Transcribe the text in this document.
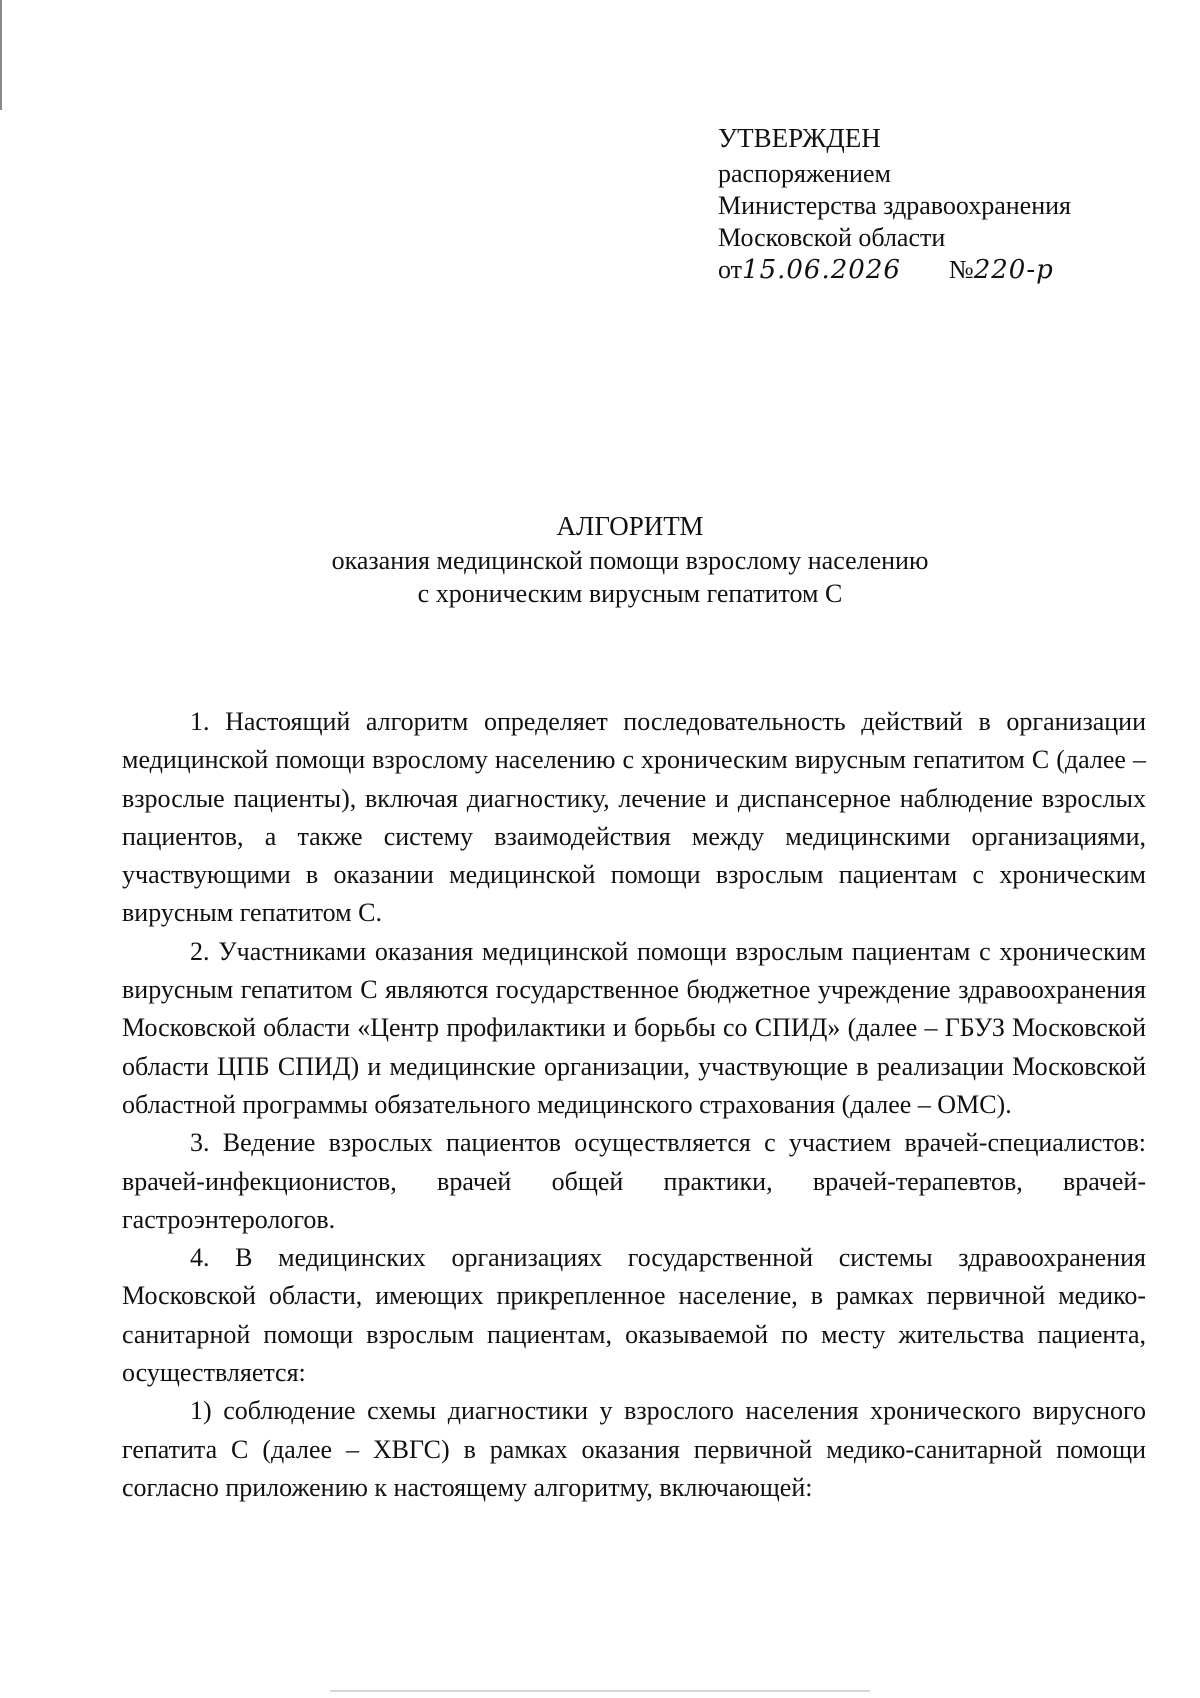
УТВЕРЖДЕН
распоряжением
Министерства здравоохранения
Московской области
от 15.06.2026 № 220-р
АЛГОРИТМ
оказания медицинской помощи взрослому населению
с хроническим вирусным гепатитом С

1. Настоящий алгоритм определяет последовательность действий в организации медицинской помощи взрослому населению с хроническим вирусным гепатитом С (далее – взрослые пациенты), включая диагностику, лечение и диспансерное наблюдение взрослых пациентов, а также систему взаимодействия между медицинскими организациями, участвующими в оказании медицинской помощи взрослым пациентам с хроническим вирусным гепатитом С.

2. Участниками оказания медицинской помощи взрослым пациентам с хроническим вирусным гепатитом С являются государственное бюджетное учреждение здравоохранения Московской области «Центр профилактики и борьбы со СПИД» (далее – ГБУЗ Московской области ЦПБ СПИД) и медицинские организации, участвующие в реализации Московской областной программы обязательного медицинского страхования (далее – ОМС).

3. Ведение взрослых пациентов осуществляется с участием врачей-специалистов: врачей-инфекционистов, врачей общей практики, врачей-терапевтов, врачей-гастроэнтерологов.

4. В медицинских организациях государственной системы здравоохранения Московской области, имеющих прикрепленное население, в рамках первичной медико-санитарной помощи взрослым пациентам, оказываемой по месту жительства пациента, осуществляется:

1) соблюдение схемы диагностики у взрослого населения хронического вирусного гепатита С (далее – ХВГС) в рамках оказания первичной медико-санитарной помощи согласно приложению к настоящему алгоритму, включающей:
